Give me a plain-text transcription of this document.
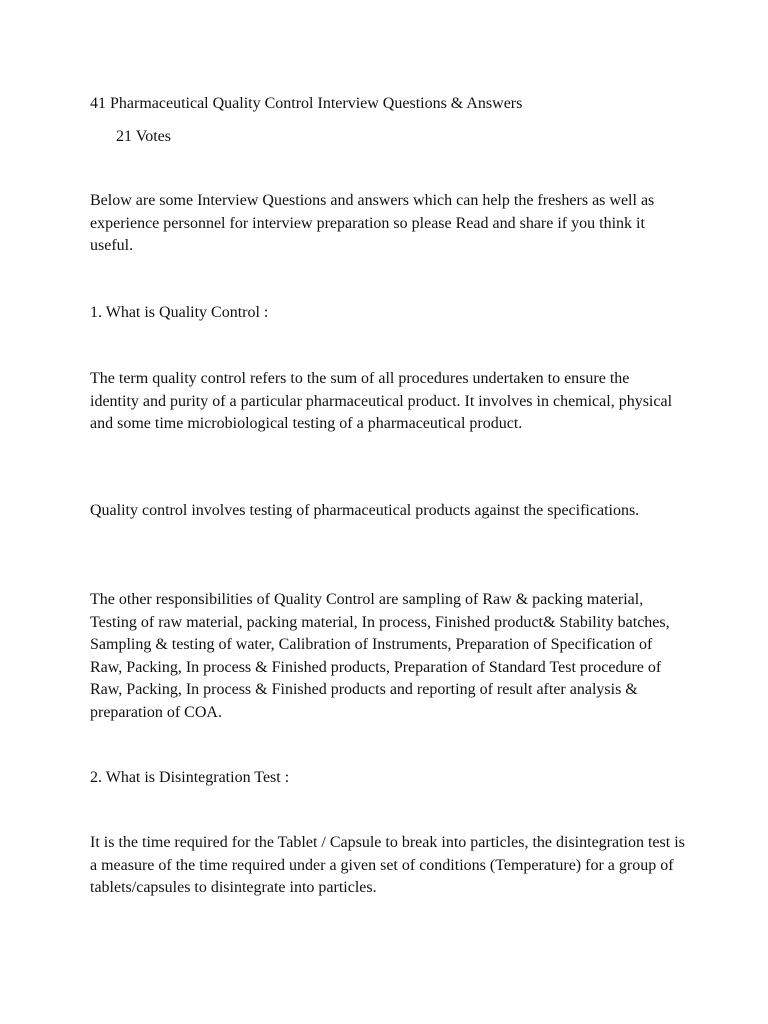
41 Pharmaceutical Quality Control Interview Questions & Answers
21 Votes
Below are some Interview Questions and answers which can help the freshers as well as experience personnel for interview preparation so please Read and share if you think it useful.
1. What is Quality Control :
The term quality control refers to the sum of all procedures undertaken to ensure the identity and purity of a particular pharmaceutical product. It involves in chemical, physical and some time microbiological testing of a pharmaceutical product.
Quality control involves testing of pharmaceutical products against the specifications.
The other responsibilities of Quality Control are sampling of Raw & packing material, Testing of raw material, packing material, In process, Finished product& Stability batches, Sampling & testing of water, Calibration of Instruments, Preparation of Specification of Raw, Packing, In process & Finished products, Preparation of Standard Test procedure of Raw, Packing, In process & Finished products and reporting of result after analysis & preparation of COA.
2. What is Disintegration Test :
It is the time required for the Tablet / Capsule to break into particles, the disintegration test is a measure of the time required under a given set of conditions (Temperature) for a group of tablets/capsules to disintegrate into particles.
